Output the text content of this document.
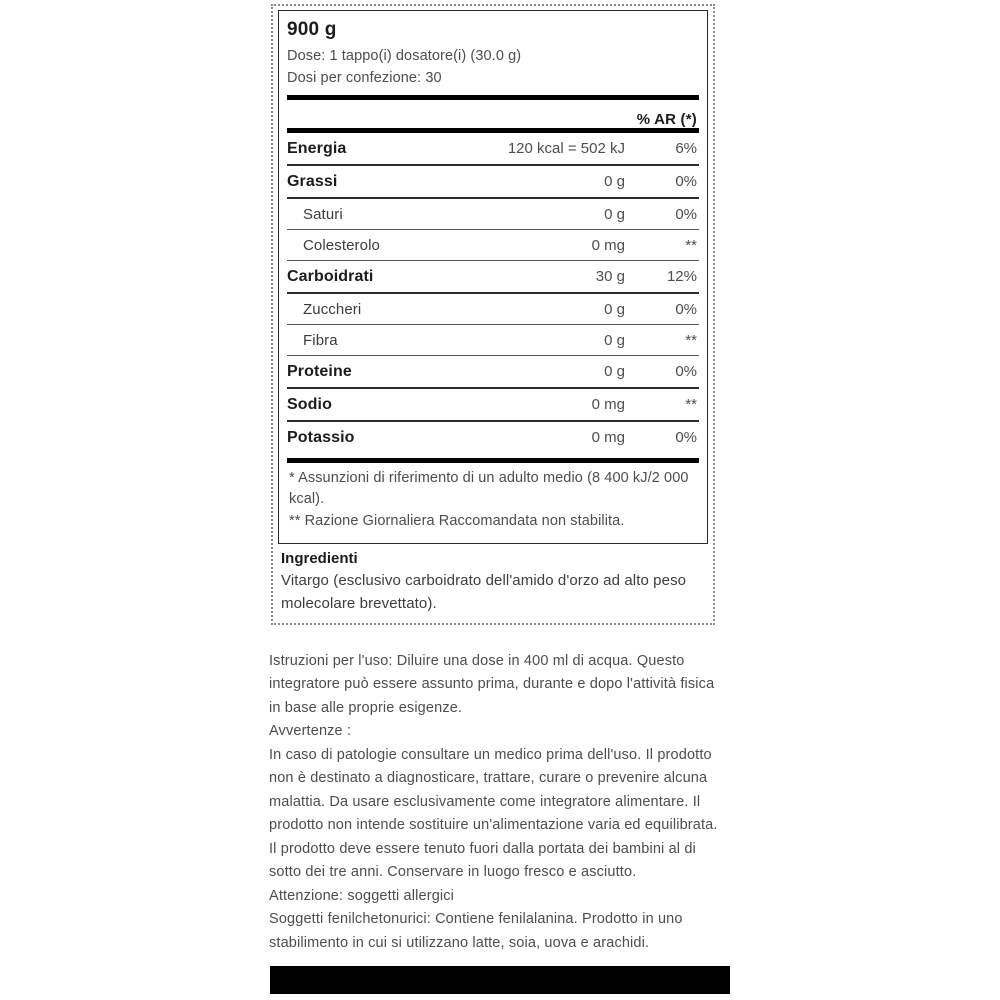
900 g
Dose: 1 tappo(i) dosatore(i) (30.0 g)
Dosi per confezione: 30
% AR (*)
Energia	120 kcal = 502 kJ	6%
Grassi	0 g	0%
Saturi	0 g	0%
Colesterolo	0 mg	**
Carboidrati	30 g	12%
Zuccheri	0 g	0%
Fibra	0 g	**
Proteine	0 g	0%
Sodio	0 mg	**
Potassio	0 mg	0%
* Assunzioni di riferimento di un adulto medio (8 400 kJ/2 000 kcal).
** Razione Giornaliera Raccomandata non stabilita.
Ingredienti
Vitargo (esclusivo carboidrato dell'amido d'orzo ad alto peso molecolare brevettato).

Istruzioni per l'uso: Diluire una dose in 400 ml di acqua. Questo integratore può essere assunto prima, durante e dopo l'attività fisica in base alle proprie esigenze.

Avvertenze :

In caso di patologie consultare un medico prima dell'uso. Il prodotto non è destinato a diagnosticare, trattare, curare o prevenire alcuna malattia. Da usare esclusivamente come integratore alimentare. Il prodotto non intende sostituire un'alimentazione varia ed equilibrata. Il prodotto deve essere tenuto fuori dalla portata dei bambini al di sotto dei tre anni. Conservare in luogo fresco e asciutto.

Attenzione: soggetti allergici

Soggetti fenilchetonurici: Contiene fenilalanina. Prodotto in uno stabilimento in cui si utilizzano latte, soia, uova e arachidi.
